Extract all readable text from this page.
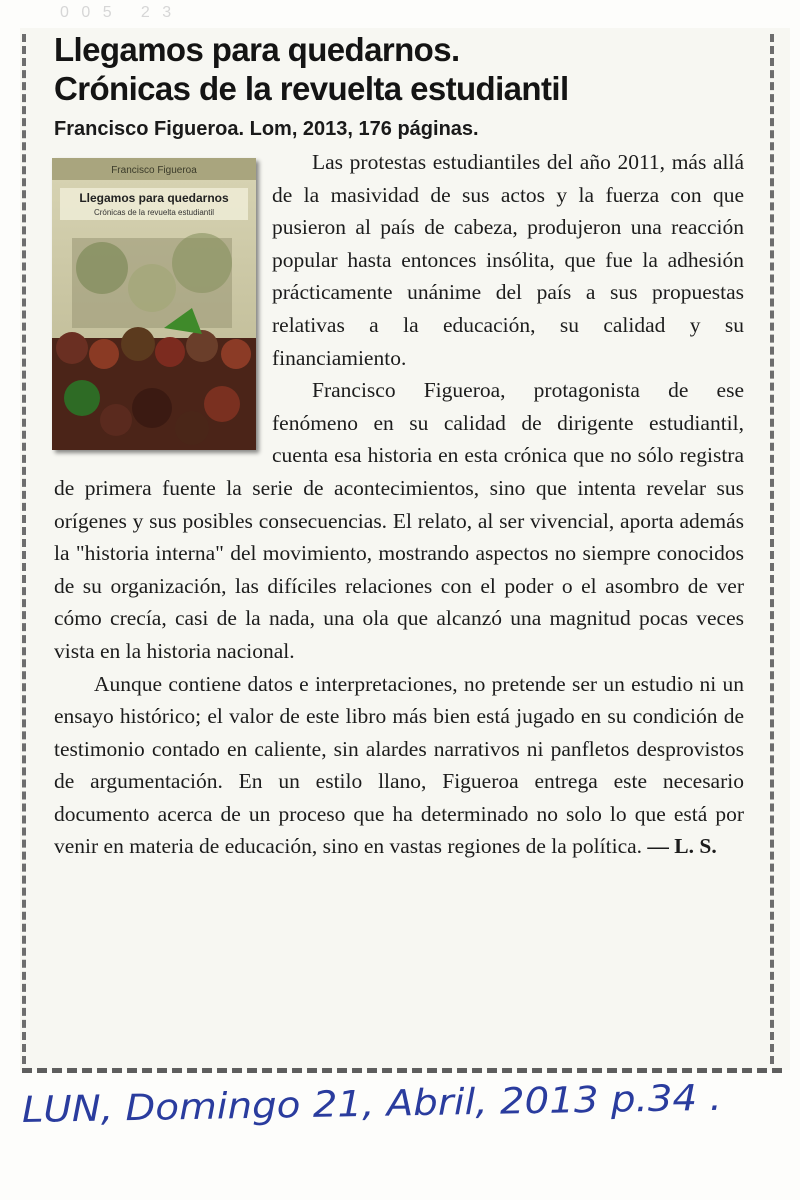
0 0 5   2 3
Llegamos para quedarnos.
Crónicas de la revuelta estudiantil
Francisco Figueroa. Lom, 2013, 176 páginas.

Las protestas estudiantiles del año 2011, más allá de la masividad de sus actos y la fuerza con que pusieron al país de cabeza, produjeron una reacción popular hasta entonces insólita, que fue la adhesión prácticamente unánime del país a sus propuestas relativas a la educación, su calidad y su financiamiento.

Francisco Figueroa, protagonista de ese fenómeno en su calidad de dirigente estudiantil, cuenta esa historia en esta crónica que no sólo registra de primera fuente la serie de acontecimientos, sino que intenta revelar sus orígenes y sus posibles consecuencias. El relato, al ser vivencial, aporta además la "historia interna" del movimiento, mostrando aspectos no siempre conocidos de su organización, las difíciles relaciones con el poder o el asombro de ver cómo crecía, casi de la nada, una ola que alcanzó una magnitud pocas veces vista en la historia nacional.

Aunque contiene datos e interpretaciones, no pretende ser un estudio ni un ensayo histórico; el valor de este libro más bien está jugado en su condición de testimonio contado en caliente, sin alardes narrativos ni panfletos desprovistos de argumentación. En un estilo llano, Figueroa entrega este necesario documento acerca de un proceso que ha determinado no solo lo que está por venir en materia de educación, sino en vastas regiones de la política. — L. S.

Francisco Figueroa
Llegamos para quedarnos
Crónicas de la revuelta estudiantil
LUN, Domingo 21, Abril, 2013 p.34 .
